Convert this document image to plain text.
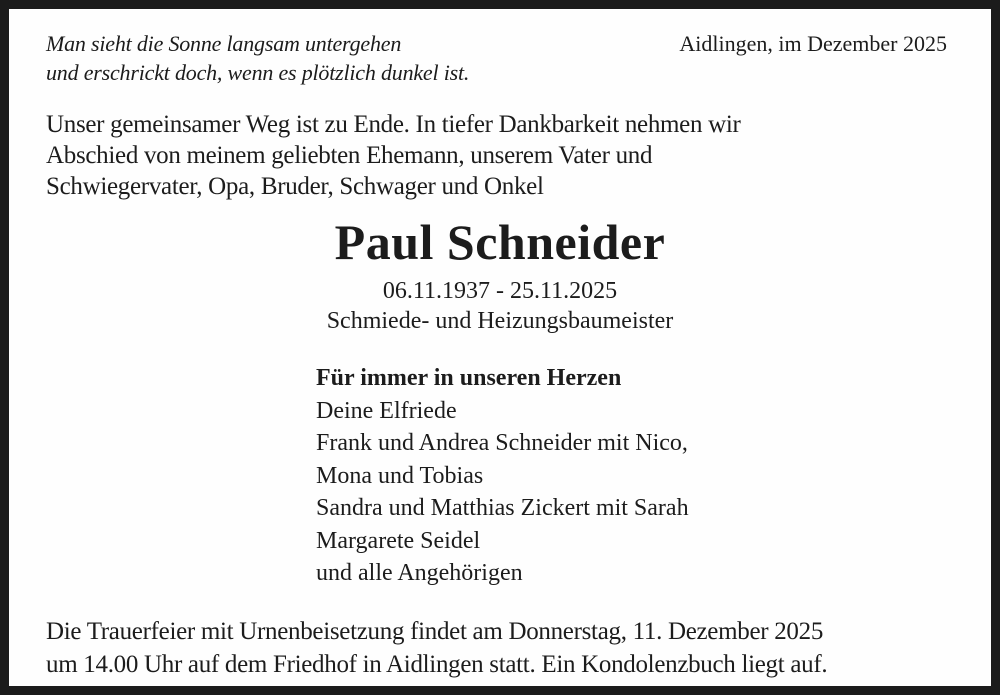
Man sieht die Sonne langsam untergehen
und erschrickt doch, wenn es plötzlich dunkel ist.
Aidlingen, im Dezember 2025
Unser gemeinsamer Weg ist zu Ende. In tiefer Dankbarkeit nehmen wir
Abschied von meinem geliebten Ehemann, unserem Vater und
Schwiegervater, Opa, Bruder, Schwager und Onkel
Paul Schneider
06.11.1937 - 25.11.2025
Schmiede- und Heizungsbaumeister
Für immer in unseren Herzen
Deine Elfriede
Frank und Andrea Schneider mit Nico,
Mona und Tobias
Sandra und Matthias Zickert mit Sarah
Margarete Seidel
und alle Angehörigen
Die Trauerfeier mit Urnenbeisetzung findet am Donnerstag, 11. Dezember 2025
um 14.00 Uhr auf dem Friedhof in Aidlingen statt. Ein Kondolenzbuch liegt auf.
